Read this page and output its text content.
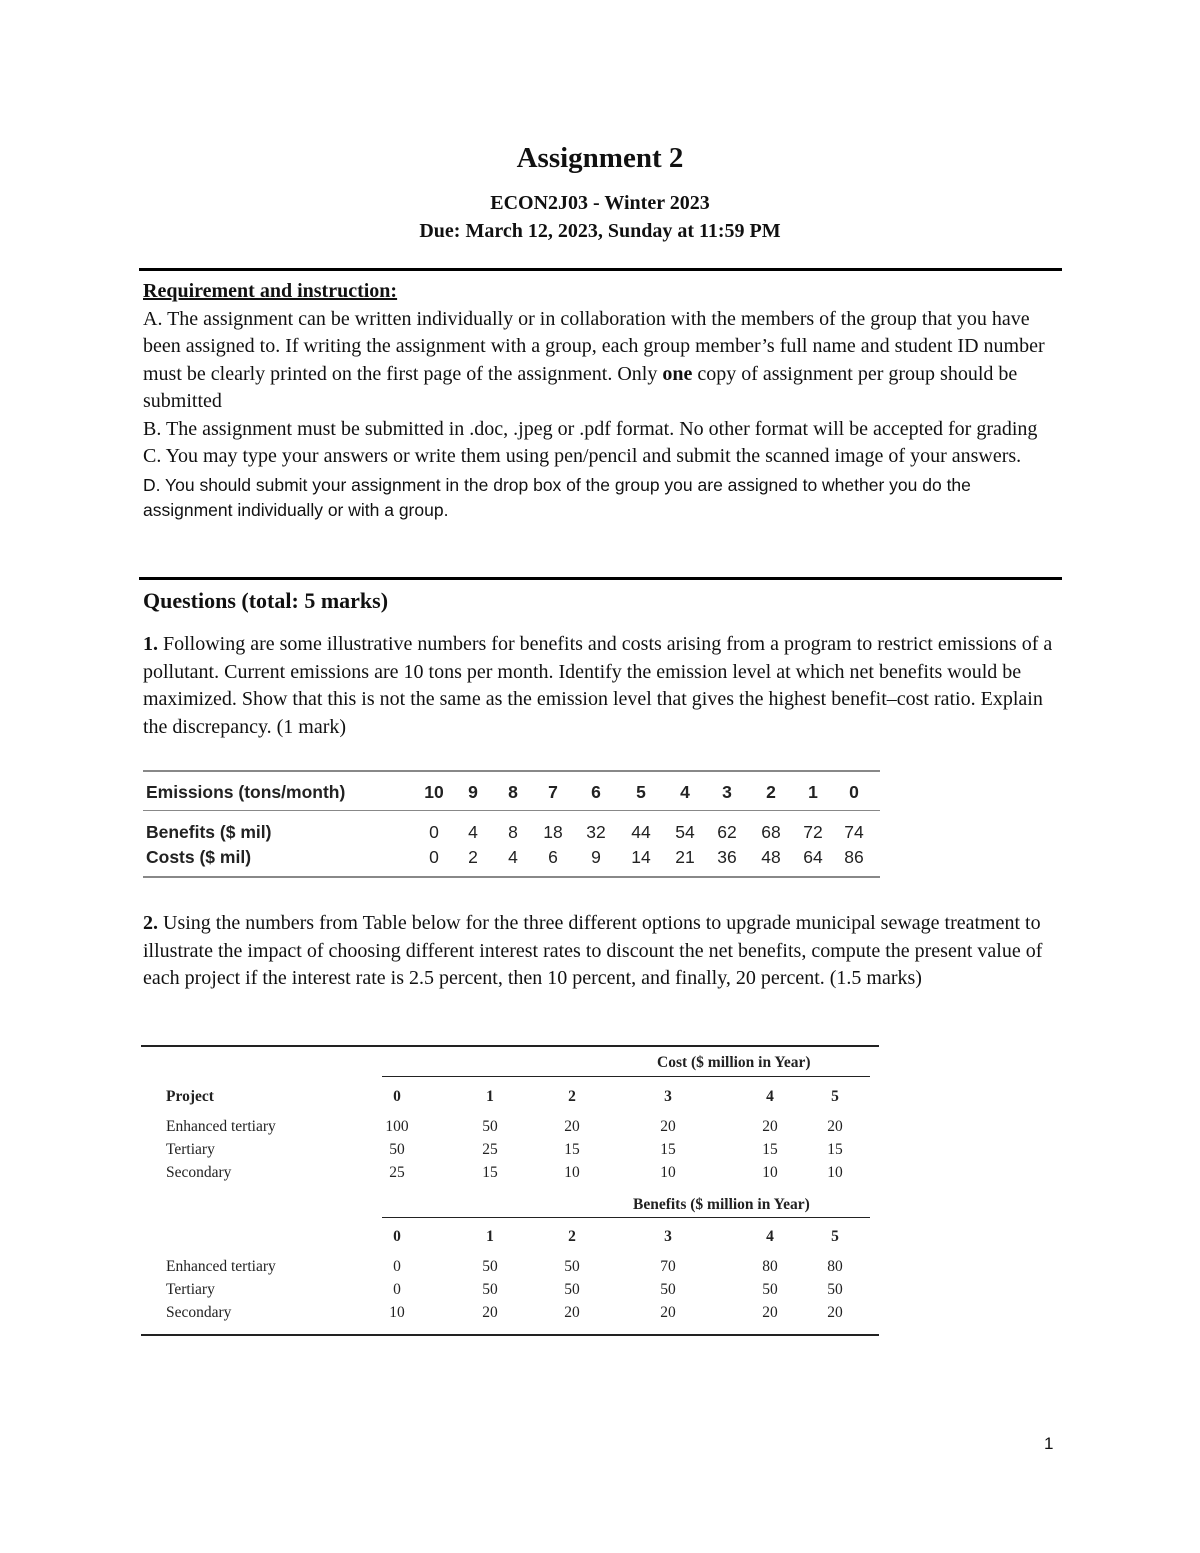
Assignment 2
ECON2J03 - Winter 2023
Due: March 12, 2023, Sunday at 11:59 PM

Requirement and instruction:

A. The assignment can be written individually or in collaboration with the members of the group that you have been assigned to. If writing the assignment with a group, each group member’s full name and student ID number must be clearly printed on the first page of the assignment. Only one copy of assignment per group should be submitted

B. The assignment must be submitted in .doc, .jpeg or .pdf format. No other format will be accepted for grading

C. You may type your answers or write them using pen/pencil and submit the scanned image of your answers.

D. You should submit your assignment in the drop box of the group you are assigned to whether you do the assignment individually or with a group.

Questions (total: 5 marks)
1. Following are some illustrative numbers for benefits and costs arising from a program to restrict emissions of a pollutant. Current emissions are 10 tons per month. Identify the emission level at which net benefits would be maximized. Show that this is not the same as the emission level that gives the highest benefit–cost ratio. Explain the discrepancy. (1 mark)
Emissions (tons/month)	10	9	8	7	6	5	4	3	2	1	0
Benefits ($ mil)	0	4	8	18	32	44	54	62	68	72	74
Costs ($ mil)	0	2	4	6	9	14	21	36	48	64	86
2. Using the numbers from Table below for the three different options to upgrade municipal sewage treatment to illustrate the impact of choosing different interest rates to discount the net benefits, compute the present value of each project if the interest rate is 2.5 percent, then 10 percent, and finally, 20 percent. (1.5 marks)
Cost ($ million in Year)
Project	0	1	2	3	4	5
Enhanced tertiary	100	50	20	20	20	20
Tertiary	50	25	15	15	15	15
Secondary	25	15	10	10	10	10
Benefits ($ million in Year)
0	1	2	3	4	5
Enhanced tertiary	0	50	50	70	80	80
Tertiary	0	50	50	50	50	50
Secondary	10	20	20	20	20	20
1
